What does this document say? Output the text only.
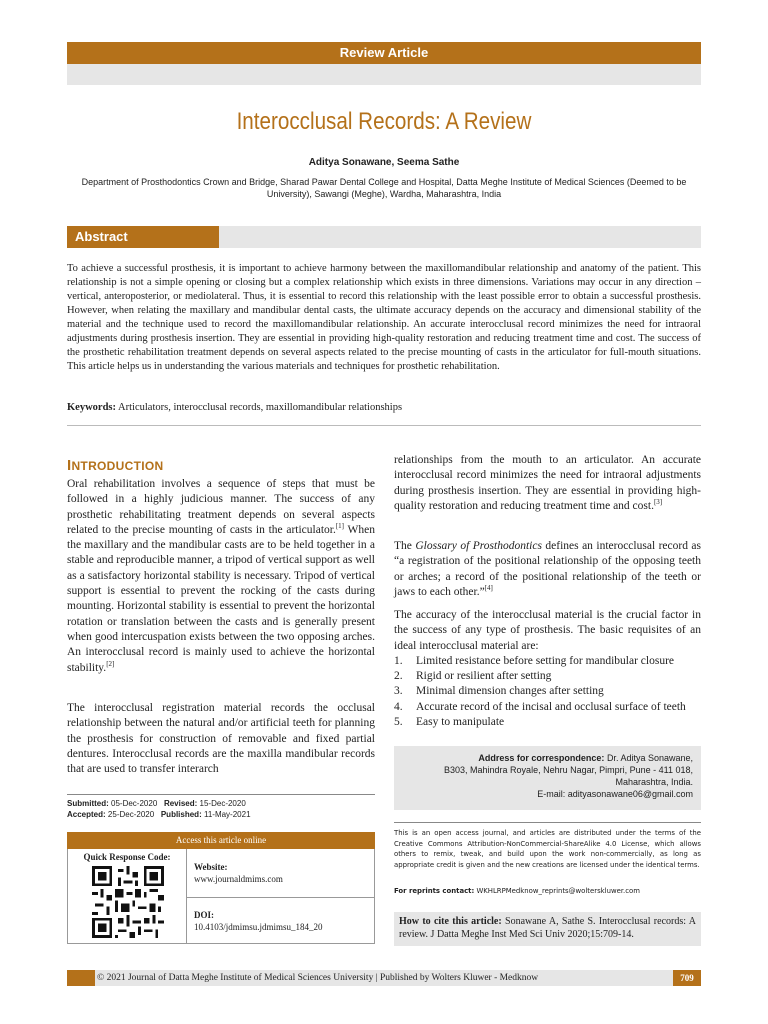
Review Article
Interocclusal Records: A Review
Aditya Sonawane, Seema Sathe
Department of Prosthodontics Crown and Bridge, Sharad Pawar Dental College and Hospital, Datta Meghe Institute of Medical Sciences (Deemed to be University), Sawangi (Meghe), Wardha, Maharashtra, India
Abstract

To achieve a successful prosthesis, it is important to achieve harmony between the maxillomandibular relationship and anatomy of the patient. This relationship is not a simple opening or closing but a complex relationship which exists in three dimensions. Variations may occur in any direction – vertical, anteroposterior, or mediolateral. Thus, it is essential to record this relationship with the least possible error to obtain a successful prosthesis. However, when relating the maxillary and mandibular dental casts, the ultimate accuracy depends on the accuracy and dimensional stability of the material and the technique used to record the maxillomandibular relationship. An accurate interocclusal record minimizes the need for intraoral adjustments during prosthesis insertion. They are essential in providing high-quality restoration and reducing treatment time and cost. The success of the prosthetic rehabilitation treatment depends on several aspects related to the precise mounting of casts in the articulator for full-mouth situations. This article helps us in understanding the various materials and techniques for prosthetic rehabilitation.

Keywords: Articulators, interocclusal records, maxillomandibular relationships

INTRODUCTION

Oral rehabilitation involves a sequence of steps that must be followed in a highly judicious manner. The success of any prosthetic rehabilitating treatment depends on several aspects related to the precise mounting of casts in the articulator.[1] When the maxillary and the mandibular casts are to be held together in a stable and reproducible manner, a tripod of vertical support as well as a satisfactory horizontal stability is necessary. Tripod of vertical support is essential to prevent the rocking of the casts during mounting. Horizontal stability is essential to prevent the horizontal rotation or translation between the casts and is generally present when good intercuspation exists between the two opposing arches. An interocclusal record is mainly used to achieve the horizontal stability.[2]

The interocclusal registration material records the occlusal relationship between the natural and/or artificial teeth for planning the prosthesis for construction of removable and fixed partial dentures. Interocclusal records are the maxilla mandibular records that are used to transfer interarch

Submitted: 05-Dec-2020 Revised: 15-Dec-2020
Accepted: 25-Dec-2020 Published: 11-May-2021
Access this article online
Quick Response Code:
Website:
www.journaldmims.com
DOI:
10.4103/jdmimsu.jdmimsu_184_20

relationships from the mouth to an articulator. An accurate interocclusal record minimizes the need for intraoral adjustments during prosthesis insertion. They are essential in providing high-quality restoration and reducing treatment time and cost.[3]

The Glossary of Prosthodontics defines an interocclusal record as “a registration of the positional relationship of the opposing teeth or arches; a record of the positional relationship of the teeth or jaws to each other.”[4]

The accuracy of the interocclusal material is the crucial factor in the success of any type of prosthesis. The basic requisites of an ideal interocclusal material are:

1. Limited resistance before setting for mandibular closure
2. Rigid or resilient after setting
3. Minimal dimension changes after setting
4. Accurate record of the incisal and occlusal surface of teeth
5. Easy to manipulate
Address for correspondence: Dr. Aditya Sonawane,
B303, Mahindra Royale, Nehru Nagar, Pimpri, Pune - 411 018,
Maharashtra, India.
E-mail: adityasonawane06@gmail.com

This is an open access journal, and articles are distributed under the terms of the Creative Commons Attribution-NonCommercial-ShareAlike 4.0 License, which allows others to remix, tweak, and build upon the work non-commercially, as long as appropriate credit is given and the new creations are licensed under the identical terms.

For reprints contact: WKHLRPMedknow_reprints@wolterskluwer.com

How to cite this article: Sonawane A, Sathe S. Interocclusal records: A review. J Datta Meghe Inst Med Sci Univ 2020;15:709-14.
© 2021 Journal of Datta Meghe Institute of Medical Sciences University | Published by Wolters Kluwer - Medknow	709
